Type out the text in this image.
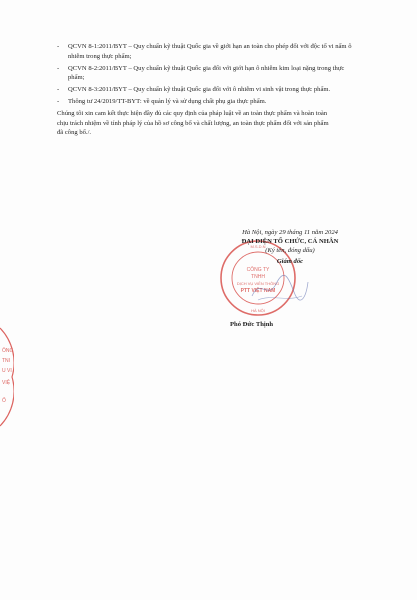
- QCVN 8-1:2011/BYT – Quy chuẩn kỹ thuật Quốc gia về giới hạn an toàn cho phép đối với độc tố vi nấm ô nhiễm trong thực phẩm;
- QCVN 8-2:2011/BYT – Quy chuẩn kỹ thuật Quốc gia đối với giới hạn ô nhiễm kim loại nặng trong thực phẩm;
- QCVN 8-3:2011/BYT – Quy chuẩn kỹ thuật Quốc gia đối với ô nhiễm vi sinh vật trong thực phẩm.
- Thông tư 24/2019/TT-BYT: về quản lý và sử dụng chất phụ gia thực phẩm.
Chúng tôi xin cam kết thực hiện đầy đủ các quy định của pháp luật về an toàn thực phẩm và hoàn toàn chịu trách nhiệm về tính pháp lý của hồ sơ công bố và chất lượng, an toàn thực phẩm đối với sản phẩm đã công bố./.
CÔNG TY
TNHH
DỊCH VỤ VIỄN THÔNG
PTT VIỆT NAM
M.S.D.N
HÀ NỘI
Hà Nội, ngày 29 tháng 11 năm 2024
ĐẠI DIỆN TỔ CHỨC, CÁ NHÂN
(Ký tên, đóng dấu)
Giám đốc
Phó Đức Thịnh
ÔNG
TNI
U VI
VIỆ
Ố
